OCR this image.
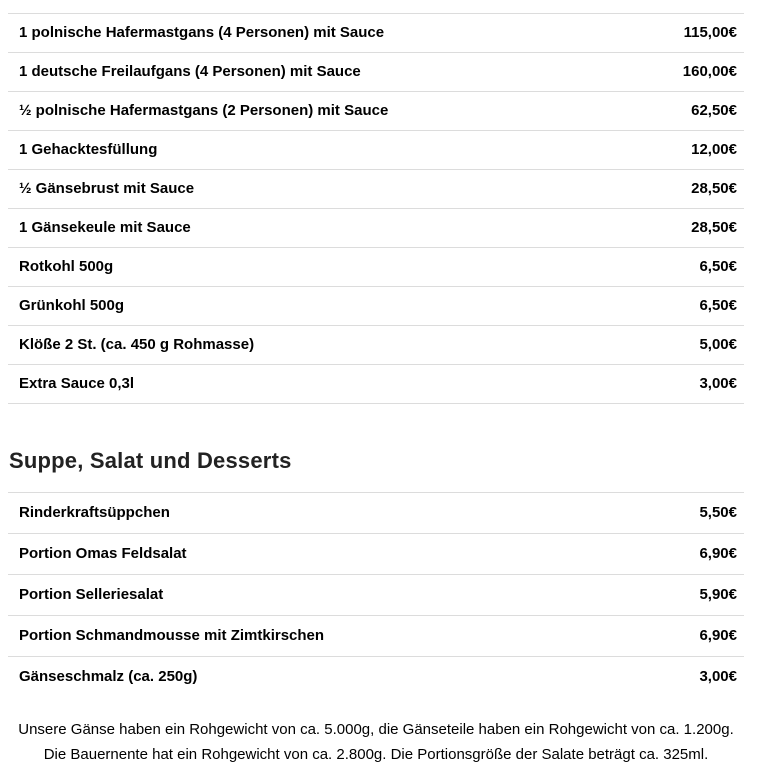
1 polnische Hafermastgans (4 Personen) mit Sauce	115,00€
1 deutsche Freilaufgans (4 Personen) mit Sauce	160,00€
½ polnische Hafermastgans (2 Personen) mit Sauce	62,50€
1 Gehacktesfüllung	12,00€
½ Gänsebrust mit Sauce	28,50€
1 Gänsekeule mit Sauce	28,50€
Rotkohl 500g	6,50€
Grünkohl 500g	6,50€
Klöße 2 St. (ca. 450 g Rohmasse)	5,00€
Extra Sauce 0,3l	3,00€
Suppe, Salat und Desserts
Rinderkraftsüppchen	5,50€
Portion Omas Feldsalat	6,90€
Portion Selleriesalat	5,90€
Portion Schmandmousse mit Zimtkirschen	6,90€
Gänseschmalz (ca. 250g)	3,00€
Unsere Gänse haben ein Rohgewicht von ca. 5.000g, die Gänseteile haben ein Rohgewicht von ca. 1.200g.
Die Bauernente hat ein Rohgewicht von ca. 2.800g. Die Portionsgröße der Salate beträgt ca. 325ml.
